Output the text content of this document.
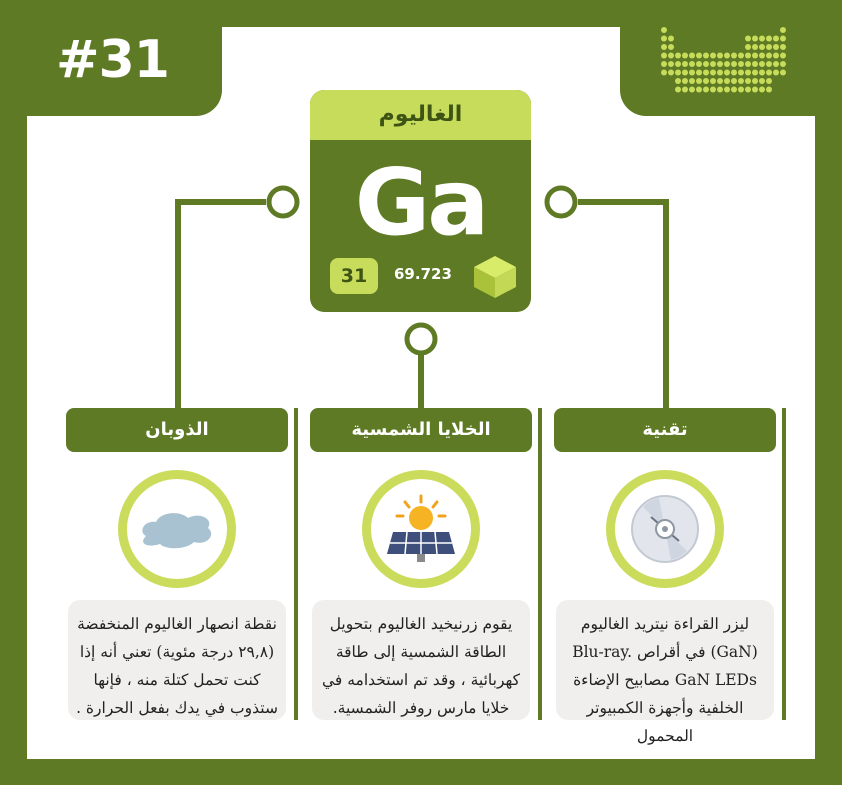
#31
الغاليوم
Ga
31	69.723
الذوبان
نقطة انصهار الغاليوم المنخفضة (٢٩,٨ درجة مئوية) تعني أنه إذا كنت تحمل كتلة منه ، فإنها ستذوب في يدك بفعل الحرارة .
الخلايا الشمسية
يقوم زرنيخيد الغاليوم بتحويل الطاقة الشمسية إلى طاقة كهربائية ، وقد تم استخدامه في خلايا مارس روفر الشمسية.
تقنية
ليزر القراءة نيتريد الغاليوم (GaN) في أقراص Blu-ray. GaN LEDs مصابيح الإضاءة الخلفية وأجهزة الكمبيوتر المحمول
